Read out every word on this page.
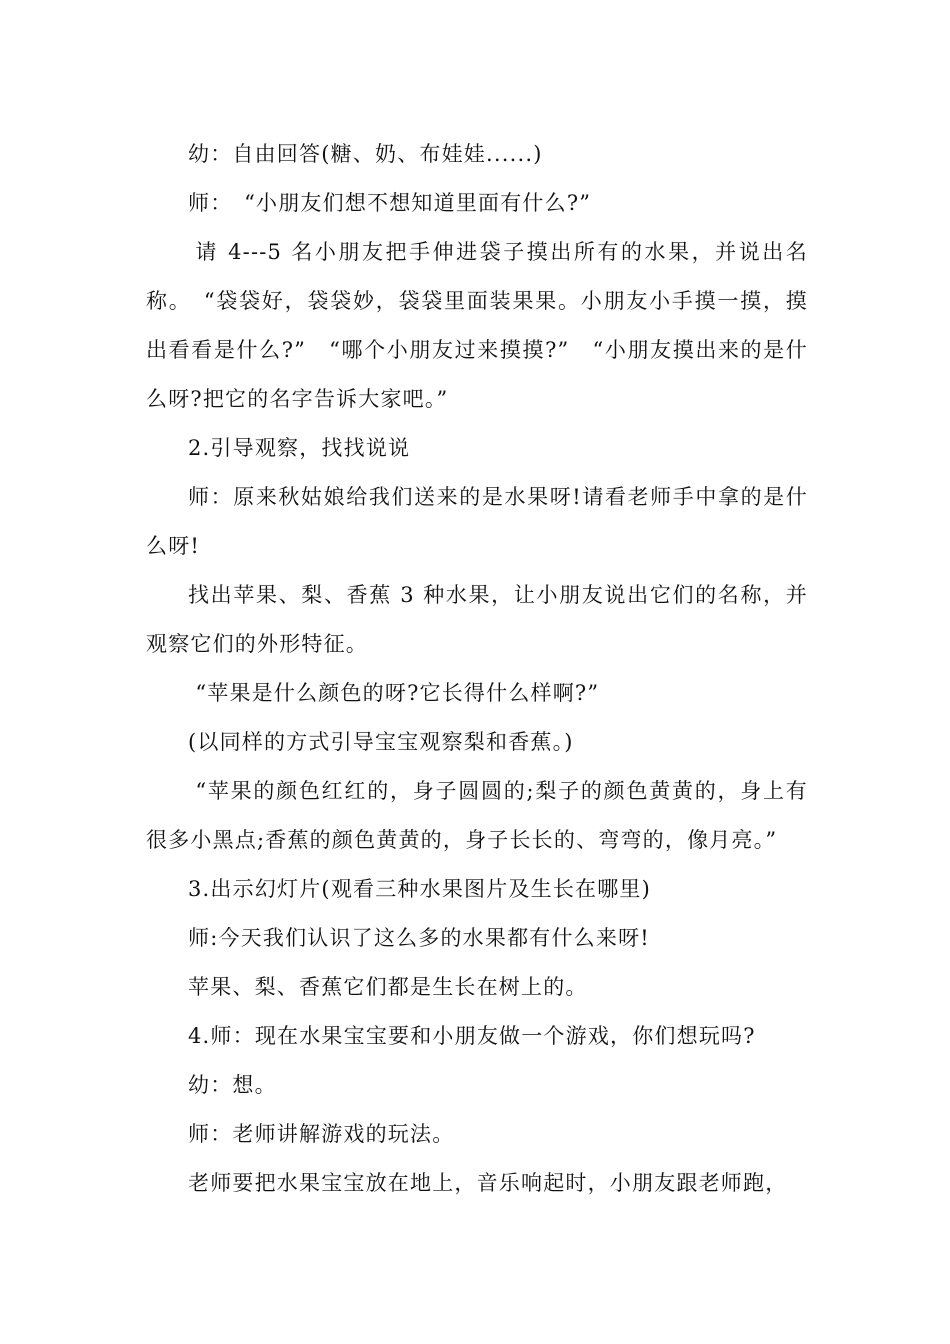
幼：自由回答(糖、奶、布娃娃......)

师：　“小朋友们想不想知道里面有什么?”

请 4---5 名小朋友把手伸进袋子摸出所有的水果，并说出名称。　“袋袋好，袋袋妙，袋袋里面装果果。小朋友小手摸一摸，摸出看看是什么?”　“哪个小朋友过来摸摸?”　“小朋友摸出来的是什么呀?把它的名字告诉大家吧。”

2.引导观察，找找说说

师：原来秋姑娘给我们送来的是水果呀!请看老师手中拿的是什么呀!

找出苹果、梨、香蕉 3 种水果，让小朋友说出它们的名称，并观察它们的外形特征。

“苹果是什么颜色的呀?它长得什么样啊?”

(以同样的方式引导宝宝观察梨和香蕉。)

“苹果的颜色红红的，身子圆圆的;梨子的颜色黄黄的，身上有很多小黑点;香蕉的颜色黄黄的，身子长长的、弯弯的，像月亮。”

3.出示幻灯片(观看三种水果图片及生长在哪里)

师:今天我们认识了这么多的水果都有什么来呀!

苹果、梨、香蕉它们都是生长在树上的。

4.师：现在水果宝宝要和小朋友做一个游戏，你们想玩吗?

幼：想。

师：老师讲解游戏的玩法。

老师要把水果宝宝放在地上，音乐响起时，小朋友跟老师跑，
